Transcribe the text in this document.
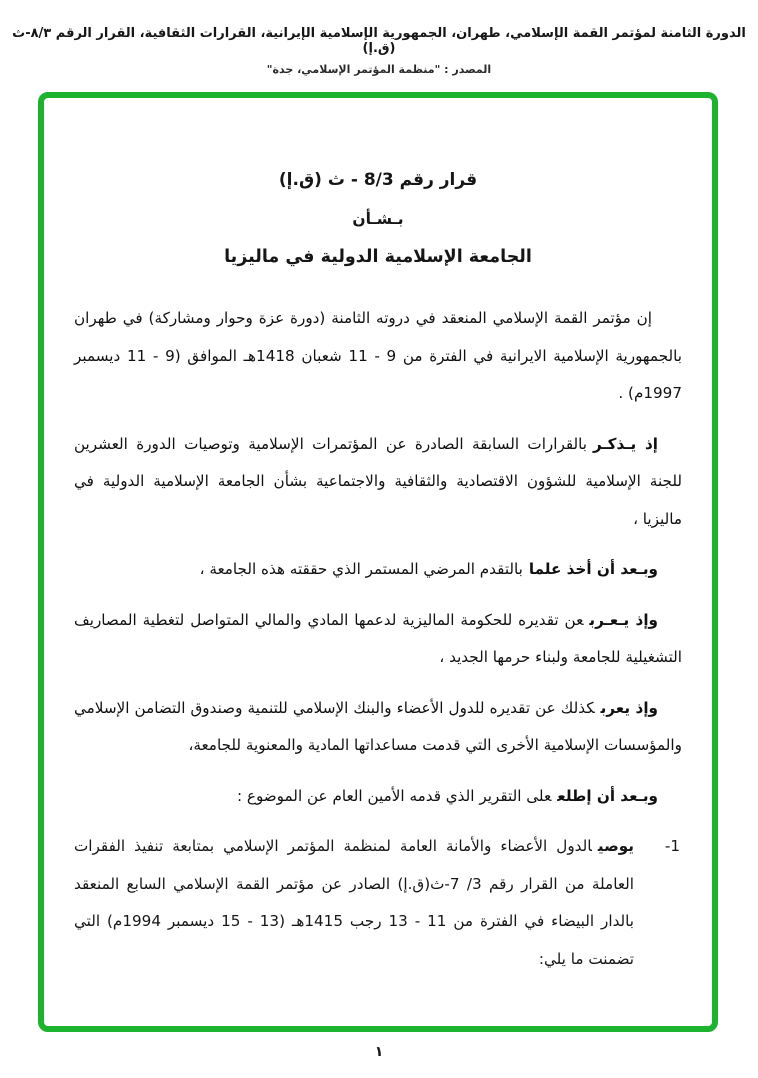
الدورة الثامنة لمؤتمر القمة الإسلامي، طهران، الجمهورية الإسلامية الإيرانية، القرارات الثقافية، القرار الرقم ٨/٣-ث (ق.إ)
المصدر : "منظمة المؤتمر الإسلامي، جدة"
قرار رقم 8/3 - ث (ق.إ)
بـشـأن
الجامعة الإسلامية الدولية في ماليزيا

إن مؤتمر القمة الإسلامي المنعقد في دروته الثامنة (دورة عزة وحوار ومشاركة) في طهران بالجمهورية الإسلامية الايرانية في الفترة من 9 - 11 شعبان 1418هـ الموافق (9 - 11 ديسمبر 1997م) .

إذ يـذكـربالقرارات السابقة الصادرة عن المؤتمرات الإسلامية وتوصيات الدورة العشرين للجنة الإسلامية للشؤون الاقتصادية والثقافية والاجتماعية بشأن الجامعة الإسلامية الدولية في ماليزيا ،

وبـعد أن أخذ علمابالتقدم المرضي المستمر الذي حققته هذه الجامعة ،

وإذ يـعـربعن تقديره للحكومة الماليزية لدعمها المادي والمالي المتواصل لتغطية المصاريف التشغيلية للجامعة ولبناء حرمها الجديد ،

وإذ يعربكذلك عن تقديره للدول الأعضاء والبنك الإسلامي للتنمية وصندوق التضامن الإسلامي والمؤسسات الإسلامية الأخرى التي قدمت مساعداتها المادية والمعنوية للجامعة،

وبـعد أن إطلععلى التقرير الذي قدمه الأمين العام عن الموضوع :

1-
يوصيالدول الأعضاء والأمانة العامة لمنظمة المؤتمر الإسلامي بمتابعة تنفيذ الفقرات العاملة من القرار رقم 3/ 7-ث(ق.إ) الصادر عن مؤتمر القمة الإسلامي السابع المنعقد بالدار البيضاء في الفترة من 11 - 13 رجب 1415هـ (13 - 15 ديسمبر 1994م) التي تضمنت ما يلي:
١
